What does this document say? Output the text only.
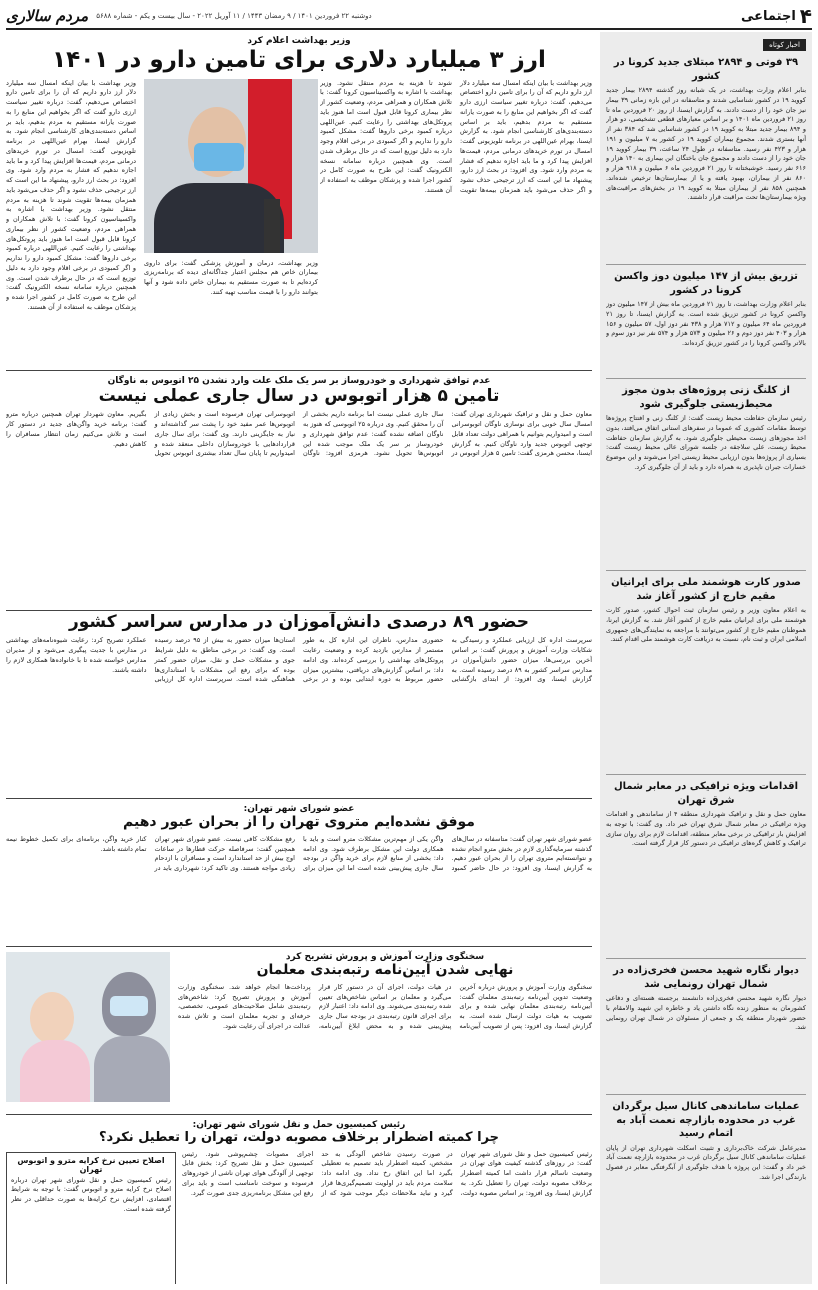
۴
اجتماعی
دوشنبه ۲۲ فروردین ۱۴۰۱ / ۹ رمضان ۱۴۴۳ / ۱۱ آوریل ۲۰۲۲ - سال بیست و یکم - شماره ۵۶۸۸
مردم سالاری
اخبار کوتاه
۳۹ فوتی و ۲۸۹۴ مبتلای جدید کرونا در کشور
بنابر اعلام وزارت بهداشت، در یک شبانه روز گذشته ۲۸۹۴ بیمار جدید کووید ۱۹ در کشور شناسایی شدند و متاسفانه در این بازه زمانی ۳۹ بیمار نیز جان خود را از دست دادند. به گزارش ایسنا، از روز ۲۰ فروردین ماه تا روز ۲۱ فروردین ماه ۱۴۰۱ و بر اساس معیارهای قطعی تشخیصی، دو هزار و ۸۹۴ بیمار جدید مبتلا به کووید ۱۹ در کشور شناسایی شد که ۳۸۴ نفر از آنها بستری شدند. مجموع بیماران کووید ۱۹ در کشور به ۷ میلیون و ۱۹۱ هزار و ۴۲۳ نفر رسید. متاسفانه در طول ۲۴ ساعت، ۳۹ بیمار کووید ۱۹ جان خود را از دست دادند و مجموع جان باختگان این بیماری به ۱۴۰ هزار و ۶۱۶ نفر رسید. خوشبختانه تا روز ۲۱ فروردین ماه ۶ میلیون و ۹۱۸ هزار و ۸۶۰ نفر از بیماران، بهبود یافته و یا از بیمارستان‌ها ترخیص شده‌اند. همچنین ۸۵۸ نفر از بیماران مبتلا به کووید ۱۹ در بخش‌های مراقبت‌های ویژه بیمارستان‌ها تحت مراقبت قرار داشتند.
تزریق بیش از ۱۴۷ میلیون دوز واکسن کرونا در کشور
بنابر اعلام وزارت بهداشت، تا روز ۲۱ فروردین ماه بیش از ۱۴۷ میلیون دوز واکسن کرونا در کشور تزریق شده است. به گزارش ایسنا، تا روز ۲۱ فروردین ماه ۶۴ میلیون و ۷۱۲ هزار و ۴۳۸ نفر دوز اول، ۵۷ میلیون و ۱۵۶ هزار و ۴۰۳ نفر دوز دوم و ۲۶ میلیون و ۵۷۳ هزار و ۵۷۴ نفر نیز دوز سوم و بالاتر واکسن کرونا را در کشور تزریق کرده‌اند.
از کلنگ زنی پروژه‌های بدون مجوز محیط‌زیستی جلوگیری شود
رئیس سازمان حفاظت محیط زیست گفت: از کلنگ زنی و افتتاح پروژه‌ها توسط مقامات کشوری که عموما در سفرهای استانی اتفاق می‌افتد، بدون اخذ مجوزهای زیست محیطی جلوگیری شود. به گزارش سازمان حفاظت محیط زیست، علی سلاجقه در جلسه شورای عالی محیط زیست گفت: بسیاری از پروژه‌ها بدون ارزیابی محیط زیستی اجرا می‌شوند و این موضوع خسارات جبران ناپذیری به همراه دارد و باید از آن جلوگیری کرد.
صدور کارت هوشمند ملی برای ایرانیان مقیم خارج از کشور آغاز شد
به اعلام معاون وزیر و رئیس سازمان ثبت احوال کشور، صدور کارت هوشمند ملی برای ایرانیان مقیم خارج از کشور آغاز شد. به گزارش ایرنا، هموطنان مقیم خارج از کشور می‌توانند با مراجعه به نمایندگی‌های جمهوری اسلامی ایران و ثبت نام، نسبت به دریافت کارت هوشمند ملی اقدام کنند.
اقدامات ویژه ترافیکی در معابر شمال شرق تهران
معاون حمل و نقل و ترافیک شهرداری منطقه ۴ از ساماندهی و اقدامات ویژه ترافیکی در معابر شمال شرق تهران خبر داد. وی گفت: با توجه به افزایش بار ترافیکی در برخی معابر منطقه، اقدامات لازم برای روان سازی ترافیک و کاهش گره‌های ترافیکی در دستور کار قرار گرفته است.
دیوار نگاره شهید محسن فخری‌زاده در شمال تهران رونمایی شد
دیوار نگاره شهید محسن فخری‌زاده دانشمند برجسته هسته‌ای و دفاعی کشورمان به منظور زنده نگاه داشتن یاد و خاطره این شهید والامقام با حضور شهردار منطقه یک و جمعی از مسئولان در شمال تهران رونمایی شد.
عملیات ساماندهی کانال سیل برگردان غرب در محدوده بازارچه نعمت آباد به اتمام رسید
مدیرعامل شرکت خاک‌برداری و تثبیت اسکلت شهرداری تهران از پایان عملیات ساماندهی کانال سیل برگردان غرب در محدوده بازارچه نعمت آباد خبر داد و گفت: این پروژه با هدف جلوگیری از آبگرفتگی معابر در فصول بارندگی اجرا شد.
وزیر بهداشت اعلام کرد
ارز ۳ میلیارد دلاری برای تامین دارو در ۱۴۰۱
وزیر بهداشت با بیان اینکه امسال سه میلیارد دلار ارز دارو داریم که آن را برای تامین دارو اختصاص می‌دهیم، گفت: درباره تغییر سیاست ارزی دارو گفت که اگر بخواهیم این منابع را به صورت یارانه مستقیم به مردم بدهیم، باید بر اساس دسته‌بندی‌های کارشناسی انجام شود. به گزارش ایسنا، بهرام عین‌اللهی در برنامه تلویزیونی گفت: امسال در تورم خریدهای درمانی مردم، قیمت‌ها افزایش پیدا کرد و ما باید اجازه ندهیم که فشار به مردم وارد شود. وی افزود: در بحث ارز دارو، پیشنهاد ما این است که ارز ترجیحی حذف نشود و اگر حذف می‌شود باید همزمان بیمه‌ها تقویت شوند تا هزینه به مردم منتقل نشود. وزیر بهداشت با اشاره به واکسیناسیون کرونا گفت: با تلاش همکاران و همراهی مردم، وضعیت کشور از نظر بیماری کرونا قابل قبول است اما هنوز باید پروتکل‌های بهداشتی را رعایت کنیم. عین‌اللهی درباره کمبود برخی داروها گفت: مشکل کمبود دارو را نداریم و اگر کمبودی در برخی اقلام وجود دارد به دلیل توزیع است که در حال برطرف شدن است. وی همچنین درباره سامانه نسخه الکترونیک گفت: این طرح به صورت کامل در کشور اجرا شده و پزشکان موظف به استفاده از آن هستند.
وزیر بهداشت، درمان و آموزش پزشکی گفت: برای داروی بیماران خاص هم مجلس اعتبار جداگانه‌ای دیده که برنامه‌ریزی کرده‌ایم تا به صورت مستقیم به بیماران خاص داده شود و آنها بتوانند دارو را با قیمت مناسب تهیه کنند.
وزیر بهداشت با بیان اینکه امسال سه میلیارد دلار ارز دارو داریم که آن را برای تامین دارو اختصاص می‌دهیم، گفت: درباره تغییر سیاست ارزی دارو گفت که اگر بخواهیم این منابع را به صورت یارانه مستقیم به مردم بدهیم، باید بر اساس دسته‌بندی‌های کارشناسی انجام شود. به گزارش ایسنا، بهرام عین‌اللهی در برنامه تلویزیونی گفت: امسال در تورم خریدهای درمانی مردم، قیمت‌ها افزایش پیدا کرد و ما باید اجازه ندهیم که فشار به مردم وارد شود. وی افزود: در بحث ارز دارو، پیشنهاد ما این است که ارز ترجیحی حذف نشود و اگر حذف می‌شود باید همزمان بیمه‌ها تقویت شوند تا هزینه به مردم منتقل نشود. وزیر بهداشت با اشاره به واکسیناسیون کرونا گفت: با تلاش همکاران و همراهی مردم، وضعیت کشور از نظر بیماری کرونا قابل قبول است اما هنوز باید پروتکل‌های بهداشتی را رعایت کنیم. عین‌اللهی درباره کمبود برخی داروها گفت: مشکل کمبود دارو را نداریم و اگر کمبودی در برخی اقلام وجود دارد به دلیل توزیع است که در حال برطرف شدن است. وی همچنین درباره سامانه نسخه الکترونیک گفت: این طرح به صورت کامل در کشور اجرا شده و پزشکان موظف به استفاده از آن هستند.
عدم توافق شهرداری و خودروساز بر سر یک ملک علت وارد نشدن ۲۵ اتوبوس به ناوگان
تامین ۵ هزار اتوبوس در سال جاری عملی نیست
معاون حمل و نقل و ترافیک شهرداری تهران گفت: امسال سال خوبی برای نوسازی ناوگان اتوبوسرانی است و امیدواریم بتوانیم با همراهی دولت تعداد قابل توجهی اتوبوس جدید وارد ناوگان کنیم. به گزارش ایسنا، محسن هرمزی گفت: تامین ۵ هزار اتوبوس در سال جاری عملی نیست اما برنامه داریم بخشی از آن را محقق کنیم. وی درباره ۲۵ اتوبوسی که هنوز به ناوگان اضافه نشده گفت: عدم توافق شهرداری و خودروساز بر سر یک ملک موجب شده این اتوبوس‌ها تحویل نشود. هرمزی افزود: ناوگان اتوبوسرانی تهران فرسوده است و بخش زیادی از اتوبوس‌ها عمر مفید خود را پشت سر گذاشته‌اند و نیاز به جایگزینی دارند. وی گفت: برای سال جاری قراردادهایی با خودروسازان داخلی منعقد شده و امیدواریم تا پایان سال تعداد بیشتری اتوبوس تحویل بگیریم. معاون شهردار تهران همچنین درباره مترو گفت: برنامه خرید واگن‌های جدید در دستور کار است و تلاش می‌کنیم زمان انتظار مسافران را کاهش دهیم.
حضور ۸۹ درصدی دانش‌آموزان در مدارس سراسر کشور
سرپرست اداره کل ارزیابی عملکرد و رسیدگی به شکایات وزارت آموزش و پرورش گفت: بر اساس آخرین بررسی‌ها، میزان حضور دانش‌آموزان در مدارس سراسر کشور به ۸۹ درصد رسیده است. به گزارش ایسنا، وی افزود: از ابتدای بازگشایی حضوری مدارس، ناظران این اداره کل به طور مستمر از مدارس بازدید کرده و وضعیت رعایت پروتکل‌های بهداشتی را بررسی کرده‌اند. وی ادامه داد: بر اساس گزارش‌های دریافتی، بیشترین میزان حضور مربوط به دوره ابتدایی بوده و در برخی استان‌ها میزان حضور به بیش از ۹۵ درصد رسیده است. وی گفت: در برخی مناطق به دلیل شرایط جوی و مشکلات حمل و نقل، میزان حضور کمتر بوده که برای رفع این مشکلات با استانداری‌ها هماهنگی شده است. سرپرست اداره کل ارزیابی عملکرد تصریح کرد: رعایت شیوه‌نامه‌های بهداشتی در مدارس با جدیت پیگیری می‌شود و از مدیران مدارس خواسته شده تا با خانواده‌ها همکاری لازم را داشته باشند.
عضو شورای شهر تهران:
موفق نشده‌ایم متروی تهران را از بحران عبور دهیم
عضو شورای شهر تهران گفت: متاسفانه در سال‌های گذشته سرمایه‌گذاری لازم در بخش مترو انجام نشده و نتوانسته‌ایم متروی تهران را از بحران عبور دهیم. به گزارش ایسنا، وی افزود: در حال حاضر کمبود واگن یکی از مهم‌ترین مشکلات مترو است و باید با همکاری دولت این مشکل برطرف شود. وی ادامه داد: بخشی از منابع لازم برای خرید واگن در بودجه سال جاری پیش‌بینی شده است اما این میزان برای رفع مشکلات کافی نیست. عضو شورای شهر تهران همچنین گفت: سرفاصله حرکت قطارها در ساعات اوج بیش از حد استاندارد است و مسافران با ازدحام زیادی مواجه هستند. وی تاکید کرد: شهرداری باید در کنار خرید واگن، برنامه‌ای برای تکمیل خطوط نیمه تمام داشته باشد.
سخنگوی وزارت آموزش و پرورش تشریح کرد
نهایی شدن آیین‌نامه رتبه‌بندی معلمان
سخنگوی وزارت آموزش و پرورش درباره آخرین وضعیت تدوین آیین‌نامه رتبه‌بندی معلمان گفت: آیین‌نامه رتبه‌بندی معلمان نهایی شده و برای تصویب به هیات دولت ارسال شده است. به گزارش ایسنا، وی افزود: پس از تصویب آیین‌نامه در هیات دولت، اجرای آن در دستور کار قرار می‌گیرد و معلمان بر اساس شاخص‌های تعیین شده رتبه‌بندی می‌شوند. وی ادامه داد: اعتبار لازم برای اجرای قانون رتبه‌بندی در بودجه سال جاری پیش‌بینی شده و به محض ابلاغ آیین‌نامه، پرداخت‌ها انجام خواهد شد. سخنگوی وزارت آموزش و پرورش تصریح کرد: شاخص‌های رتبه‌بندی شامل صلاحیت‌های عمومی، تخصصی، حرفه‌ای و تجربه معلمان است و تلاش شده عدالت در اجرای آن رعایت شود.
رئیس کمیسیون حمل و نقل شورای شهر تهران:
چرا کمیته اضطرار برخلاف مصوبه دولت، تهران را تعطیل نکرد؟
رئیس کمیسیون حمل و نقل شورای شهر تهران گفت: در روزهای گذشته کیفیت هوای تهران در وضعیت ناسالم قرار داشت اما کمیته اضطرار برخلاف مصوبه دولت، تهران را تعطیل نکرد. به گزارش ایسنا، وی افزود: بر اساس مصوبه دولت، در صورت رسیدن شاخص آلودگی به حد مشخص، کمیته اضطرار باید تصمیم به تعطیلی بگیرد اما این اتفاق رخ نداد. وی ادامه داد: سلامت مردم باید در اولویت تصمیم‌گیری‌ها قرار گیرد و نباید ملاحظات دیگر موجب شود که از اجرای مصوبات چشم‌پوشی شود. رئیس کمیسیون حمل و نقل تصریح کرد: بخش قابل توجهی از آلودگی هوای تهران ناشی از خودروهای فرسوده و سوخت نامناسب است و باید برای رفع این مشکل برنامه‌ریزی جدی صورت گیرد.
اصلاح تعیین نرخ کرایه مترو و اتوبوس تهران
رئیس کمیسیون حمل و نقل شورای شهر تهران درباره اصلاح نرخ کرایه مترو و اتوبوس گفت: با توجه به شرایط اقتصادی، افزایش نرخ کرایه‌ها به صورت حداقلی در نظر گرفته شده است.
